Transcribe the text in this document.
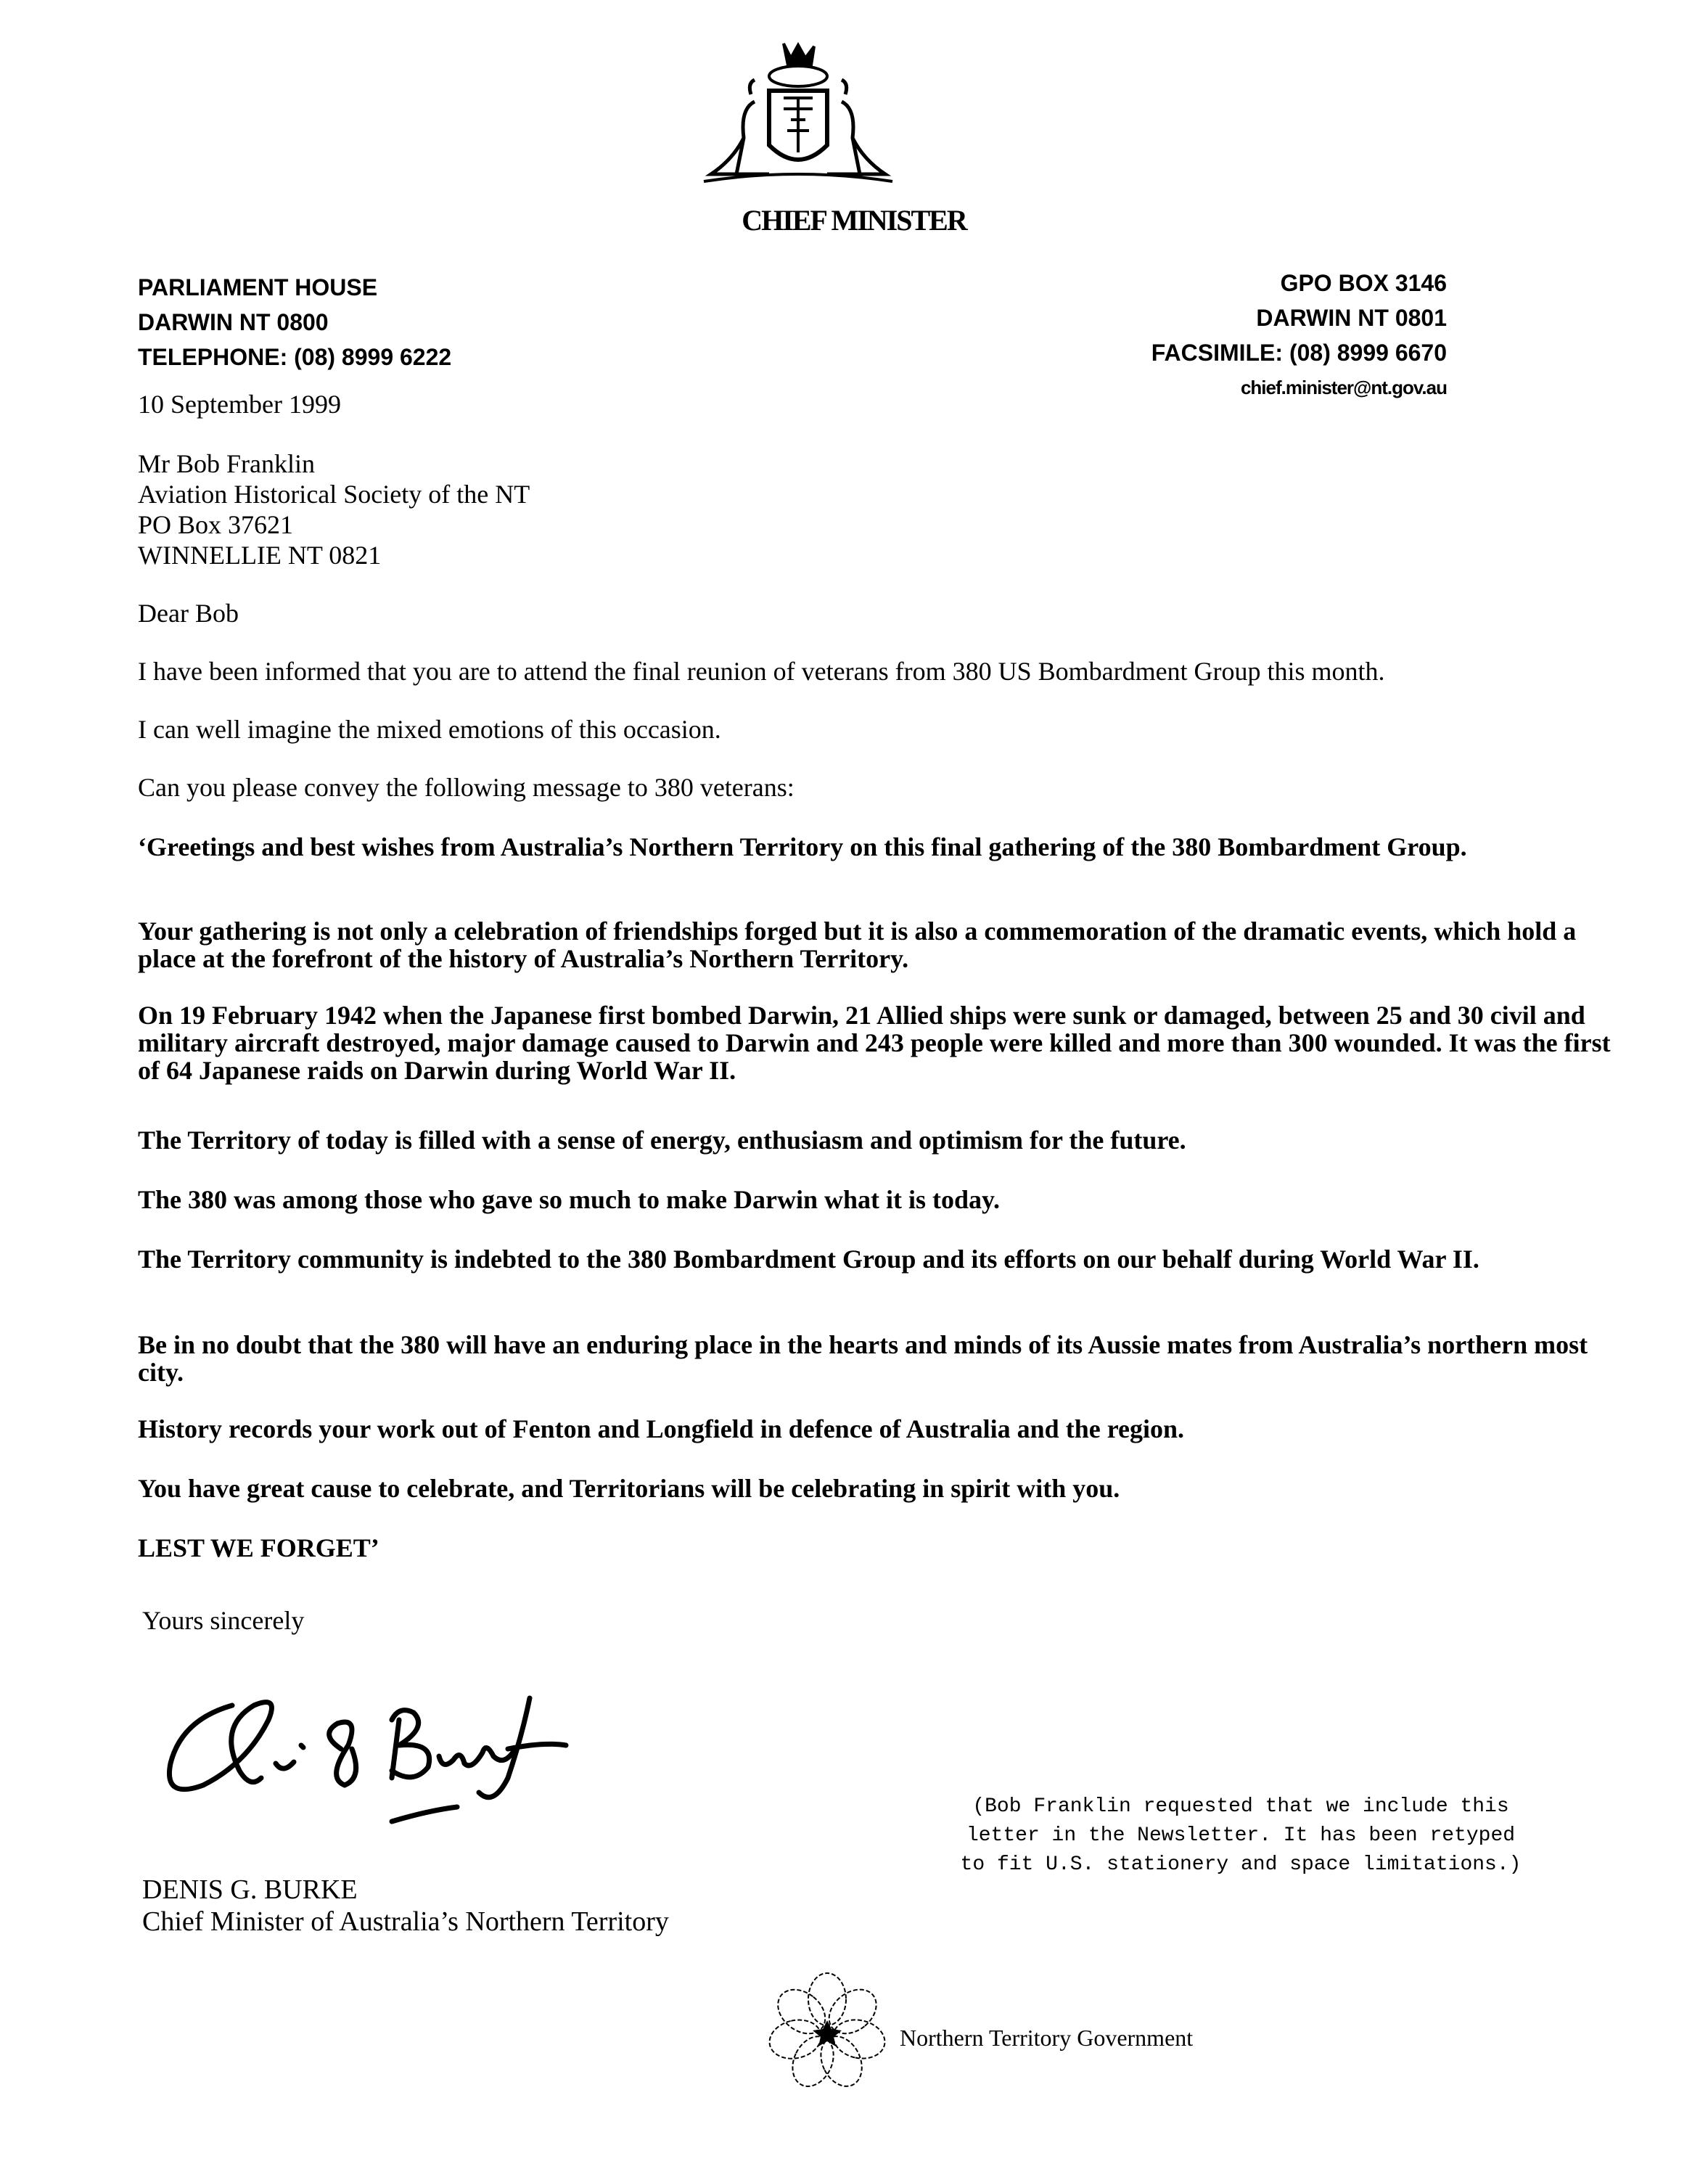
CHIEF MINISTER
PARLIAMENT HOUSE
DARWIN NT 0800
TELEPHONE: (08) 8999 6222
GPO BOX 3146
DARWIN NT 0801
FACSIMILE: (08) 8999 6670
chief.minister@nt.gov.au
10 September 1999
Mr Bob Franklin
Aviation Historical Society of the NT
PO Box 37621
WINNELLIE NT 0821
Dear Bob
I have been informed that you are to attend the final reunion of veterans from 380 US Bombardment Group this month.
I can well imagine the mixed emotions of this occasion.
Can you please convey the following message to 380 veterans:
‘Greetings and best wishes from Australia’s Northern Territory on this final gathering of the 380 Bombardment Group.
Your gathering is not only a celebration of friendships forged but it is also a commemoration of the dramatic events, which hold a place at the forefront of the history of Australia’s Northern Territory.
On 19 February 1942 when the Japanese first bombed Darwin, 21 Allied ships were sunk or damaged, between 25 and 30 civil and military aircraft destroyed, major damage caused to Darwin and 243 people were killed and more than 300 wounded. It was the first of 64 Japanese raids on Darwin during World War II.
The Territory of today is filled with a sense of energy, enthusiasm and optimism for the future.
The 380 was among those who gave so much to make Darwin what it is today.
The Territory community is indebted to the 380 Bombardment Group and its efforts on our behalf during World War II.
Be in no doubt that the 380 will have an enduring place in the hearts and minds of its Aussie mates from Australia’s northern most city.
History records your work out of Fenton and Longfield in defence of Australia and the region.
You have great cause to celebrate, and Territorians will be celebrating in spirit with you.
LEST WE FORGET’
Yours sincerely
DENIS G. BURKE
Chief Minister of Australia’s Northern Territory
(Bob Franklin requested that we include this letter in the Newsletter. It has been retyped to fit U.S. stationery and space limitations.)
Northern Territory Government
